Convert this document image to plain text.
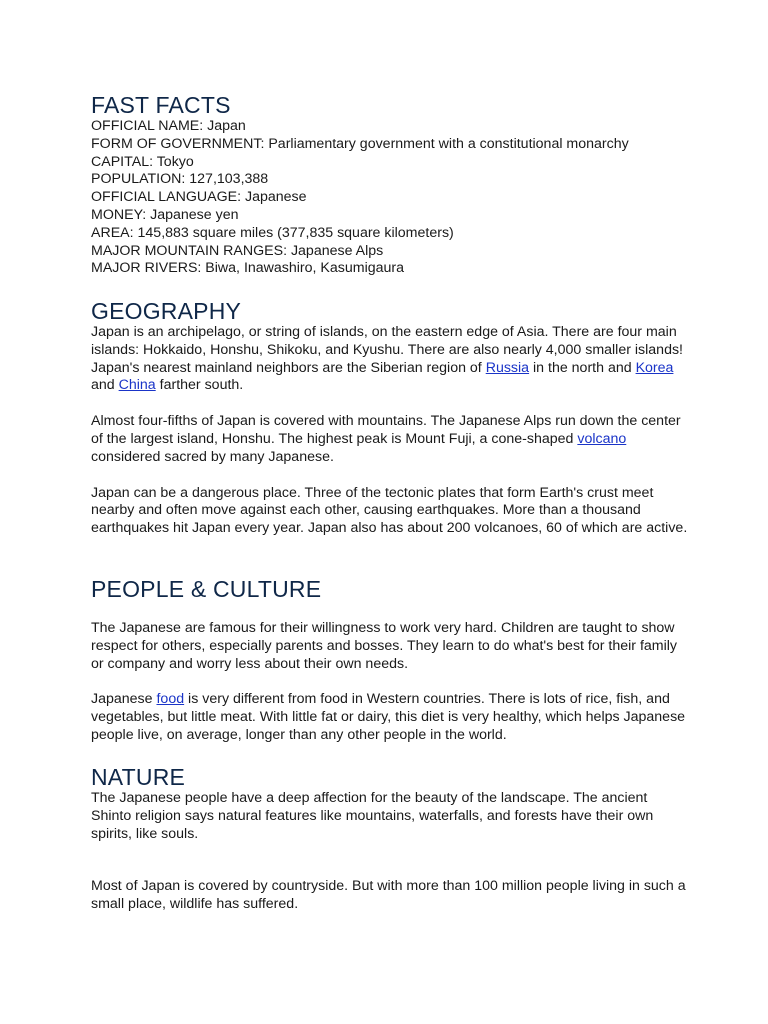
FAST FACTS

OFFICIAL NAME: Japan

FORM OF GOVERNMENT: Parliamentary government with a constitutional monarchy

CAPITAL: Tokyo

POPULATION: 127,103,388

OFFICIAL LANGUAGE: Japanese

MONEY: Japanese yen

AREA: 145,883 square miles (377,835 square kilometers)

MAJOR MOUNTAIN RANGES: Japanese Alps

MAJOR RIVERS: Biwa, Inawashiro, Kasumigaura

GEOGRAPHY

Japan is an archipelago, or string of islands, on the eastern edge of Asia. There are four main islands: Hokkaido, Honshu, Shikoku, and Kyushu. There are also nearly 4,000 smaller islands! Japan's nearest mainland neighbors are the Siberian region of Russia in the north and Korea and China farther south.

Almost four-fifths of Japan is covered with mountains. The Japanese Alps run down the center of the largest island, Honshu. The highest peak is Mount Fuji, a cone-shaped volcano considered sacred by many Japanese.

Japan can be a dangerous place. Three of the tectonic plates that form Earth's crust meet nearby and often move against each other, causing earthquakes. More than a thousand earthquakes hit Japan every year. Japan also has about 200 volcanoes, 60 of which are active.

PEOPLE & CULTURE

The Japanese are famous for their willingness to work very hard. Children are taught to show respect for others, especially parents and bosses. They learn to do what's best for their family or company and worry less about their own needs.

Japanese food is very different from food in Western countries. There is lots of rice, fish, and vegetables, but little meat. With little fat or dairy, this diet is very healthy, which helps Japanese people live, on average, longer than any other people in the world.

NATURE

The Japanese people have a deep affection for the beauty of the landscape. The ancient Shinto religion says natural features like mountains, waterfalls, and forests have their own spirits, like souls.

Most of Japan is covered by countryside. But with more than 100 million people living in such a small place, wildlife has suffered.
